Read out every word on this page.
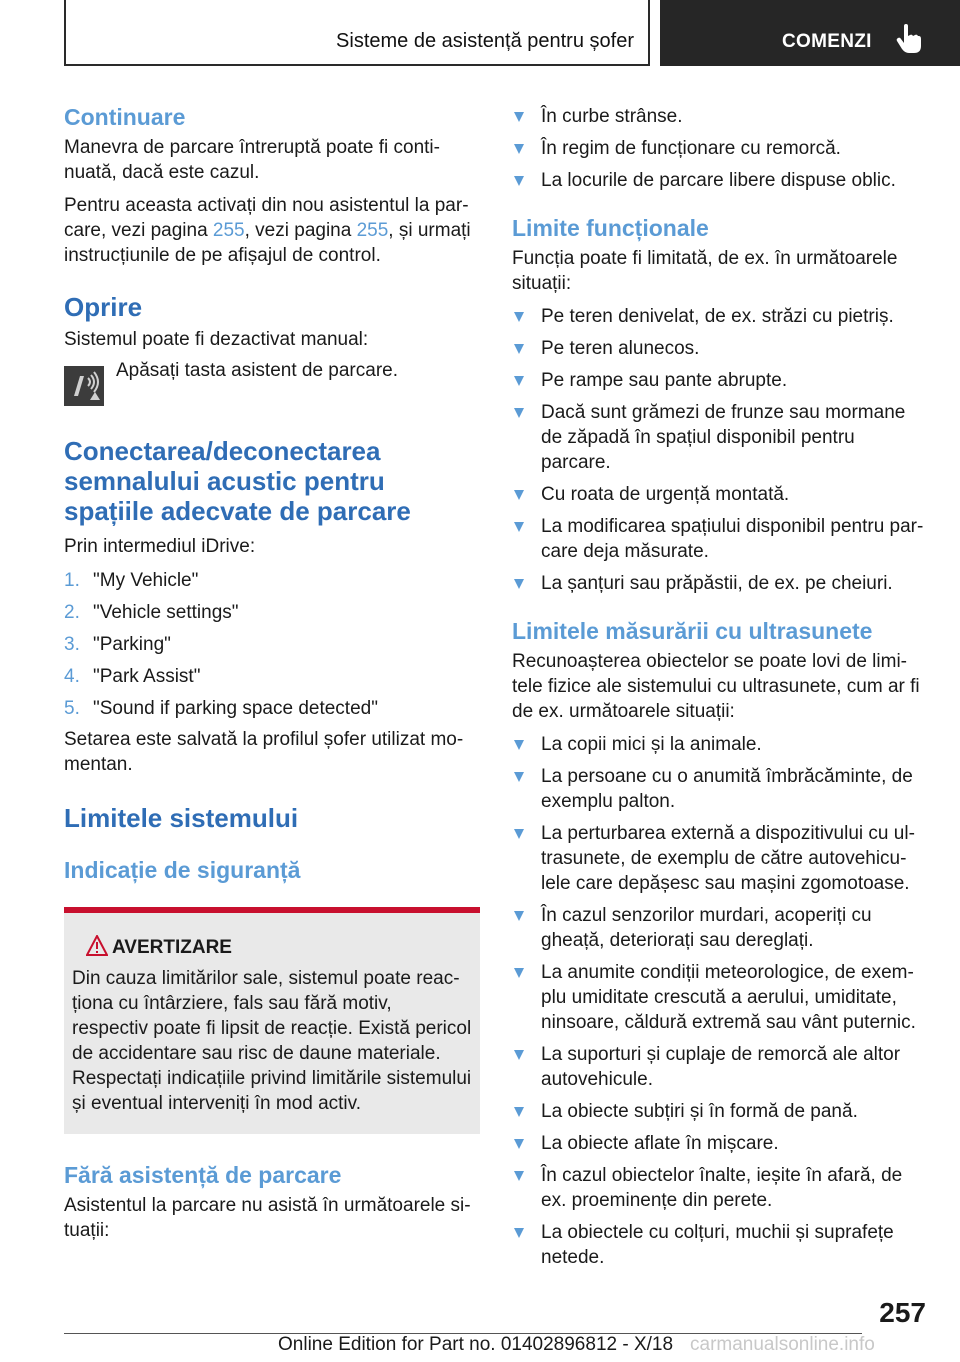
Sisteme de asistență pentru șofer	COMENZI
Continuare

Manevra de parcare întreruptă poate fi continuată, dacă este cazul.

Pentru aceasta activați din nou asistentul la parcare, vezi pagina 255, vezi pagina 255, și urmați instrucțiunile de pe afișajul de control.

Oprire

Sistemul poate fi dezactivat manual:

Apăsați tasta asistent de parcare.

Conectarea/deconectarea semnalului acustic pentru spațiile adecvate de parcare

Prin intermediul iDrive:

1. "My Vehicle"
2. "Vehicle settings"
3. "Parking"
4. "Park Assist"
5. "Sound if parking space detected"

Setarea este salvată la profilul șofer utilizat momentan.

Limitele sistemului
Indicație de siguranță
AVERTIZARE

Din cauza limitărilor sale, sistemul poate reacționa cu întârziere, fals sau fără motiv, respectiv poate fi lipsit de reacție. Există pericol de accidentare sau risc de daune materiale. Respectați indicațiile privind limitările sistemului și eventual interveniți în mod activ.

Fără asistență de parcare

Asistentul la parcare nu asistă în următoarele situații:

În curbe strânse.
În regim de funcționare cu remorcă.
La locurile de parcare libere dispuse oblic.
Limite funcționale

Funcția poate fi limitată, de ex. în următoarele situații:

Pe teren denivelat, de ex. străzi cu pietriș.
Pe teren alunecos.
Pe rampe sau pante abrupte.
Dacă sunt grămezi de frunze sau mormane de zăpadă în spațiul disponibil pentru parcare.
Cu roata de urgență montată.
La modificarea spațiului disponibil pentru parcare deja măsurate.
La șanțuri sau prăpăstii, de ex. pe cheiuri.
Limitele măsurării cu ultrasunete

Recunoașterea obiectelor se poate lovi de limitele fizice ale sistemului cu ultrasunete, cum ar fi de ex. următoarele situații:

La copii mici și la animale.
La persoane cu o anumită îmbrăcăminte, de exemplu palton.
La perturbarea externă a dispozitivului cu ultrasunete, de exemplu de către autovehiculele care depășesc sau mașini zgomotoase.
În cazul senzorilor murdari, acoperiți cu gheață, deteriorați sau dereglați.
La anumite condiții meteorologice, de exemplu umiditate crescută a aerului, umiditate, ninsoare, căldură extremă sau vânt puternic.
La suporturi și cuplaje de remorcă ale altor autovehicule.
La obiecte subțiri și în formă de pană.
La obiecte aflate în mișcare.
În cazul obiectelor înalte, ieșite în afară, de ex. proeminențe din perete.
La obiectele cu colțuri, muchii și suprafețe netede.
257
Online Edition for Part no. 01402896812 - X/18 carmanualsonline.info
